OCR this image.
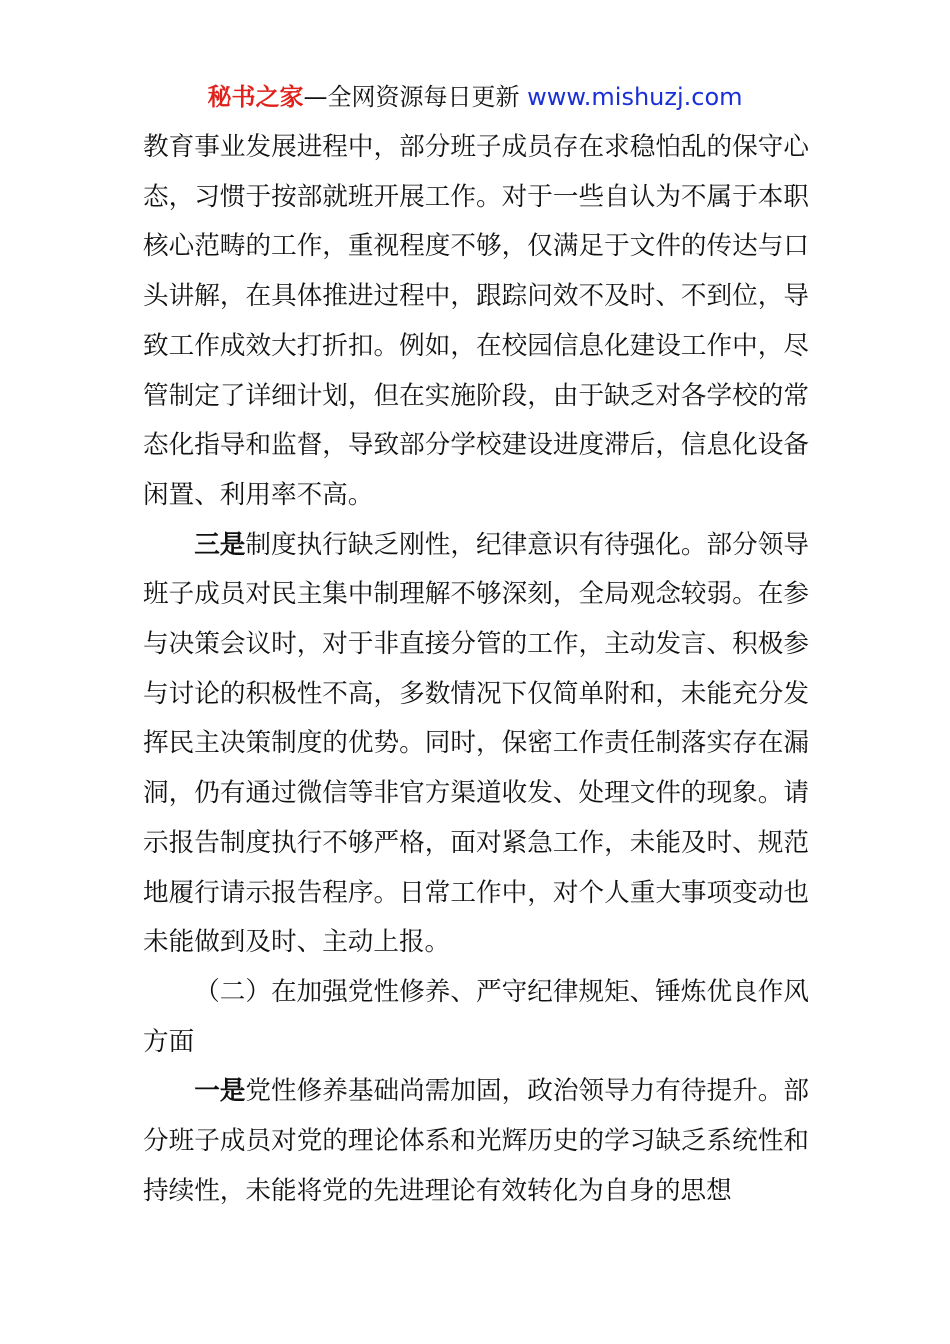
秘书之家—全网资源每日更新 www.mishuzj.com

教育事业发展进程中，部分班子成员存在求稳怕乱的保守心态，习惯于按部就班开展工作。对于一些自认为不属于本职核心范畴的工作，重视程度不够，仅满足于文件的传达与口头讲解，在具体推进过程中，跟踪问效不及时、不到位，导致工作成效大打折扣。例如，在校园信息化建设工作中，尽管制定了详细计划，但在实施阶段，由于缺乏对各学校的常态化指导和监督，导致部分学校建设进度滞后，信息化设备闲置、利用率不高。

三是制度执行缺乏刚性，纪律意识有待强化。部分领导班子成员对民主集中制理解不够深刻，全局观念较弱。在参与决策会议时，对于非直接分管的工作，主动发言、积极参与讨论的积极性不高，多数情况下仅简单附和，未能充分发挥民主决策制度的优势。同时，保密工作责任制落实存在漏洞，仍有通过微信等非官方渠道收发、处理文件的现象。请示报告制度执行不够严格，面对紧急工作，未能及时、规范地履行请示报告程序。日常工作中，对个人重大事项变动也未能做到及时、主动上报。

（二）在加强党性修养、严守纪律规矩、锤炼优良作风方面

一是党性修养基础尚需加固，政治领导力有待提升。部分班子成员对党的理论体系和光辉历史的学习缺乏系统性和持续性，未能将党的先进理论有效转化为自身的思想
